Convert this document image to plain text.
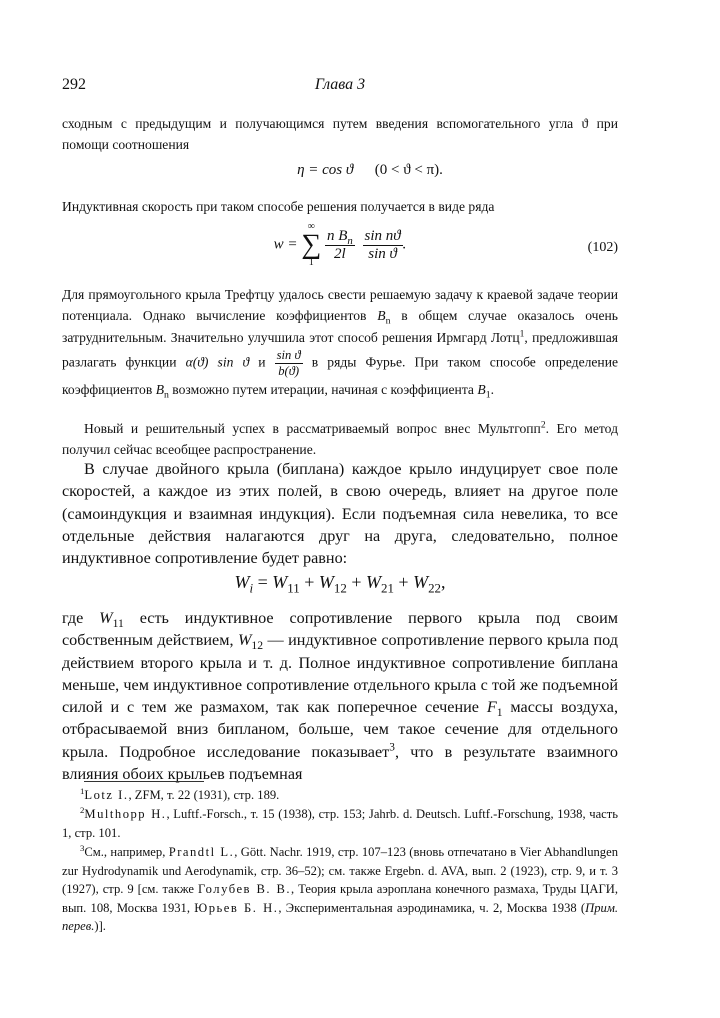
292	Глава 3

сходным с предыдущим и получающимся путем введения вспомогательного угла ϑ при помощи соотношения

η = cos ϑ (0 < ϑ < π).

Индуктивная скорость при таком способе решения получается в виде ряда

w =
∞
∑
1
$\frac{n B_n}{2l}$
$\frac{\text{sin nϑ}}{\text{sin ϑ}}$ .	(102)

Для прямоугольного крыла Трефтцу удалось свести решаемую задачу к краевой задаче теории потенциала. Однако вычисление коэффициентов $B_n$ в общем случае оказалось очень затруднительным. Значительно улучшила этот способ решения Ирмгард Лотц$^1$, предложившая разлагать функции α(ϑ) sin ϑ и $\frac{\text{sin ϑ}}{b(ϑ)}$ в ряды Фурье. При таком способе определение коэффициентов $B_n$ возможно путем итерации, начиная с коэффициента $B_1$.

Новый и решительный успех в рассматриваемый вопрос внес Мультгопп$^2$. Его метод получил сейчас всеобщее распространение.

В случае двойного крыла (биплана) каждое крыло индуцирует свое поле скоростей, а каждое из этих полей, в свою очередь, влияет на другое поле (самоиндукция и взаимная индукция). Если подъемная сила невелика, то все отдельные действия налагаются друг на друга, следовательно, полное индуктивное сопротивление будет равно:

$W_i = W_{11} + W_{12} + W_{21} + W_{22}$,

где $W_{11}$ есть индуктивное сопротивление первого крыла под своим собственным действием, $W_{12}$ — индуктивное сопротивление первого крыла под действием второго крыла и т. д. Полное индуктивное сопротивление биплана меньше, чем индуктивное сопротивление отдельного крыла с той же подъемной силой и с тем же размахом, так как поперечное сечение $F_1$ массы воздуха, отбрасываемой вниз бипланом, больше, чем такое сечение для отдельного крыла. Подробное исследование показывает$^3$, что в результате взаимного влияния обоих крыльев подъемная

$^1$Lotz I., ZFM, т. 22 (1931), стр. 189.

$^2$Multhopp H., Luftf.-Forsch., т. 15 (1938), стр. 153; Jahrb. d. Deutsch. Luftf.-Forschung, 1938, часть 1, стр. 101.

$^3$См., например, Prandtl L., Gött. Nachr. 1919, стр. 107–123 (вновь отпечатано в Vier Abhandlungen zur Hydrodynamik und Aerodynamik, стр. 36–52); см. также Ergebn. d. AVA, вып. 2 (1923), стр. 9, и т. 3 (1927), стр. 9 [см. также Голубев В. В., Теория крыла аэроплана конечного размаха, Труды ЦАГИ, вып. 108, Москва 1931, Юрьев Б. Н., Экспериментальная аэродинамика, ч. 2, Москва 1938 (Прим. перев.)].
